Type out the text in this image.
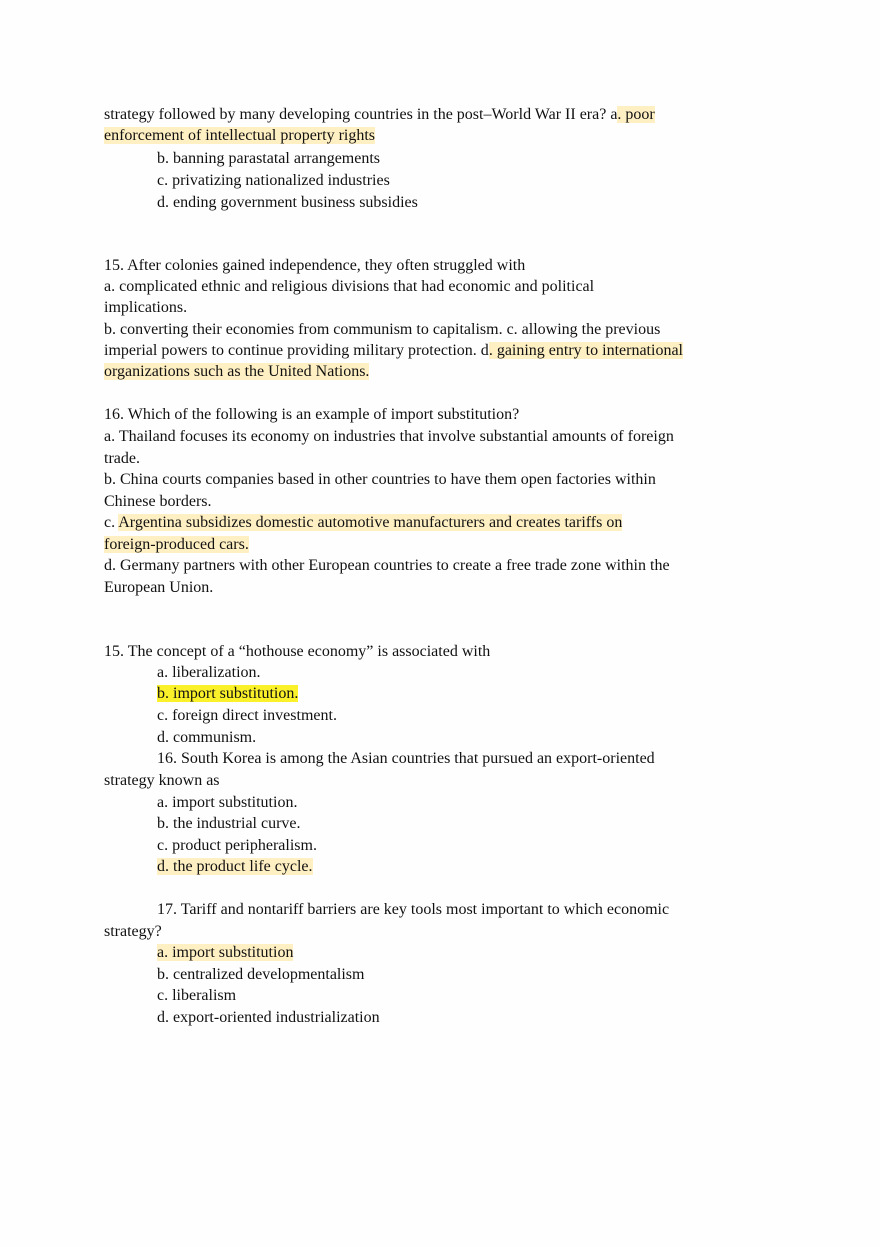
strategy followed by many developing countries in the post–World War II era? a. poor
enforcement of intellectual property rights
b. banning parastatal arrangements
c. privatizing nationalized industries
d. ending government business subsidies
15. After colonies gained independence, they often struggled with
a. complicated ethnic and religious divisions that had economic and political
implications.
b. converting their economies from communism to capitalism. c. allowing the previous
imperial powers to continue providing military protection. d. gaining entry to international
organizations such as the United Nations.
16. Which of the following is an example of import substitution?
a. Thailand focuses its economy on industries that involve substantial amounts of foreign
trade.
b. China courts companies based in other countries to have them open factories within
Chinese borders.
c. Argentina subsidizes domestic automotive manufacturers and creates tariffs on
foreign-produced cars.
d. Germany partners with other European countries to create a free trade zone within the
European Union.
15. The concept of a “hothouse economy” is associated with
a. liberalization.
b. import substitution.
c. foreign direct investment.
d. communism.
16. South Korea is among the Asian countries that pursued an export-oriented
strategy known as
a. import substitution.
b. the industrial curve.
c. product peripheralism.
d. the product life cycle.
17. Tariff and nontariff barriers are key tools most important to which economic
strategy?
a. import substitution
b. centralized developmentalism
c. liberalism
d. export-oriented industrialization
